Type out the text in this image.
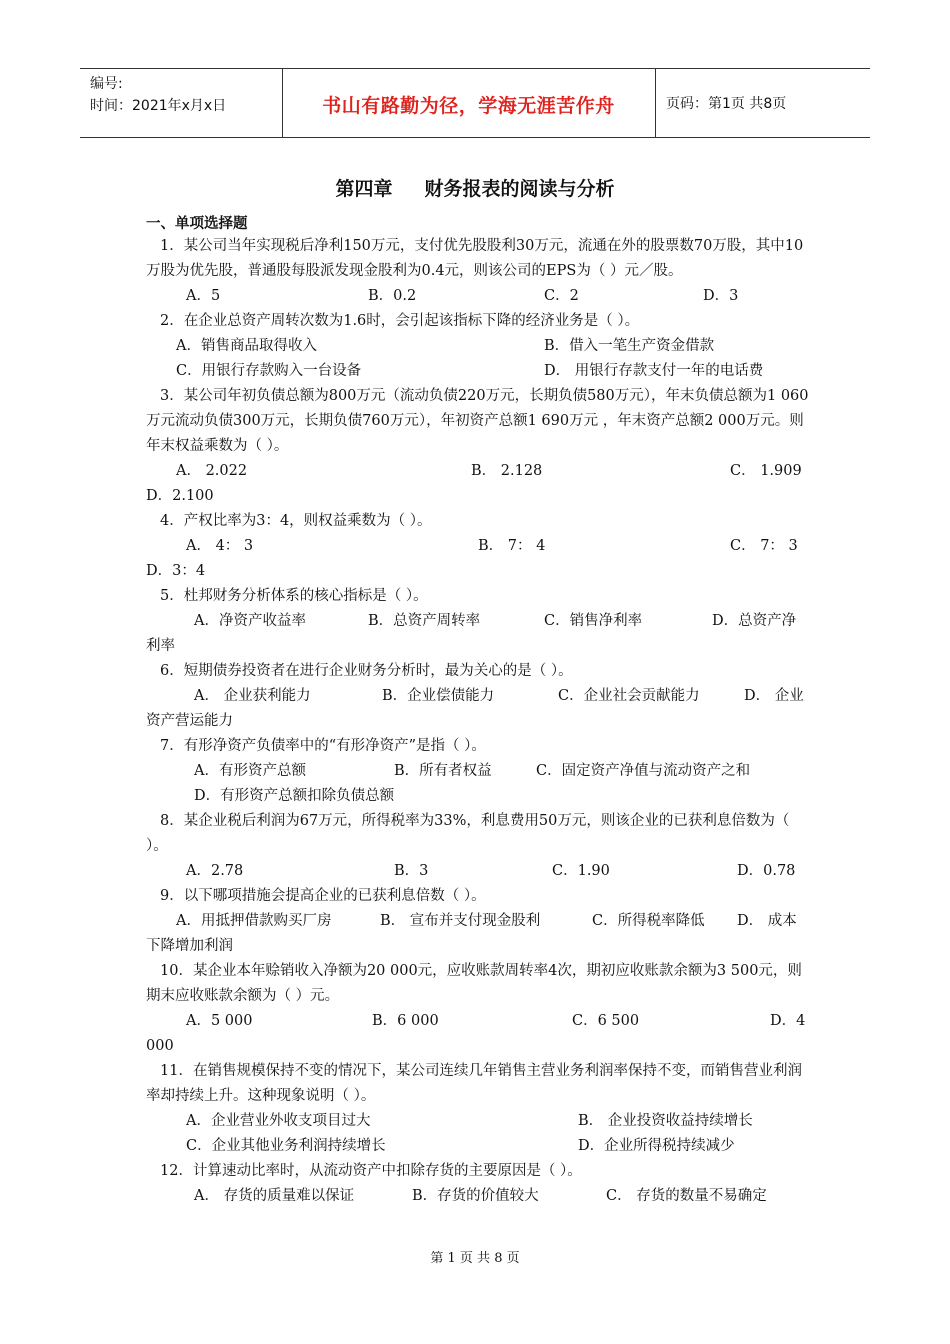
编号:
时间：2021年x月x日	书山有路勤为径，学海无涯苦作舟	页码：第1页 共8页
第四章 财务报表的阅读与分析
一、单项选择题

1．某公司当年实现税后净利150万元，支付优先股股利30万元，流通在外的股票数70万股，其中10万股为优先股，普通股每股派发现金股利为0.4元，则该公司的EPS为（ ）元／股。

A．5	B．0.2	C．2	D．3

2．在企业总资产周转次数为1.6时，会引起该指标下降的经济业务是（ ）。

A．销售商品取得收入	B．借入一笔生产资金借款
C．用银行存款购入一台设备	D． 用银行存款支付一年的电话费

3．某公司年初负债总额为800万元（流动负债220万元，长期负债580万元），年末负债总额为1 060万元流动负债300万元，长期负债760万元），年初资产总额1 690万元 ，年末资产总额2 000万元。则年末权益乘数为（ ）。

A． 2.022	B． 2.128	C． 1.909

D．2.100

4．产权比率为3：4，则权益乘数为（ ）。

A． 4： 3	B． 7： 4	C． 7： 3

D．3：4

5．杜邦财务分析体系的核心指标是（ ）。

A．净资产收益率	B．总资产周转率	C．销售净利率	D．总资产净

利率

6．短期债券投资者在进行企业财务分析时，最为关心的是（ ）。

A． 企业获利能力	B．企业偿债能力	C．企业社会贡献能力	D． 企业

资产营运能力

7．有形净资产负债率中的“有形净资产”是指（ ）。

A．有形资产总额	B．所有者权益	C．固定资产净值与流动资产之和
D．有形资产总额扣除负债总额

8．某企业税后利润为67万元，所得税率为33%，利息费用50万元，则该企业的已获利息倍数为（ ）。

A．2.78	B．3	C．1.90	D．0.78

9．以下哪项措施会提高企业的已获利息倍数（ ）。

A．用抵押借款购买厂房	B． 宣布并支付现金股利	C．所得税率降低 D． 成本

下降增加利润

10．某企业本年赊销收入净额为20 000元，应收账款周转率4次，期初应收账款余额为3 500元，则期末应收账款余额为（ ）元。

A．5 000	B．6 000	C．6 500	D．4

000

11．在销售规模保持不变的情况下，某公司连续几年销售主营业务利润率保持不变，而销售营业利润率却持续上升。这种现象说明（ ）。

A．企业营业外收支项目过大	B． 企业投资收益持续增长
C．企业其他业务利润持续增长	D．企业所得税持续减少

12．计算速动比率时，从流动资产中扣除存货的主要原因是（ ）。

A． 存货的质量难以保证	B．存货的价值较大	C． 存货的数量不易确定
第 1 页 共 8 页
